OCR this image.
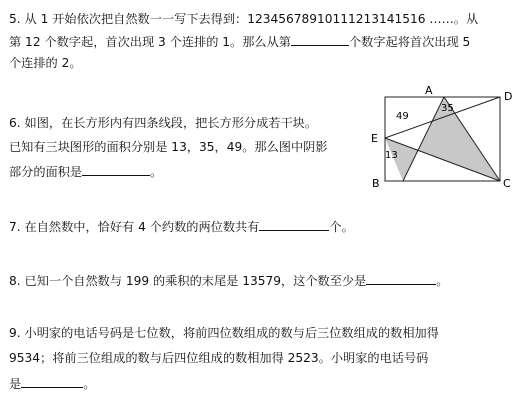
5. 从 1 开始依次把自然数一一写下去得到：12345678910111213141516 ……。从
第 12 个数字起，首次出现 3 个连排的 1。那么从第	个数字起将首次出现 5
个连排的 2。
6. 如图，在长方形内有四条线段，把长方形分成若干块。
已知有三块图形的面积分别是 13，35，49。那么图中阴影
部分的面积是	。
A	D
E
B	C
49
35
13
7. 在自然数中，恰好有 4 个约数的两位数共有	个。
8. 已知一个自然数与 199 的乘积的末尾是 13579，这个数至少是	。
9. 小明家的电话号码是七位数，将前四位数组成的数与后三位数组成的数相加得
9534；将前三位组成的数与后四位组成的数相加得 2523。小明家的电话号码
是	。
